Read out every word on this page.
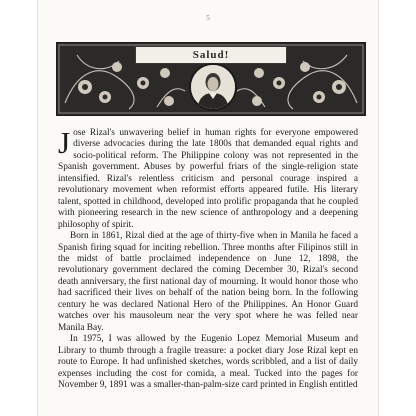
5
Salud!

Jose Rizal's unwavering belief in human rights for everyone empowered diverse advocacies during the late 1800s that demanded equal rights and socio-political reform. The Philippine colony was not represented in the Spanish government. Abuses by powerful friars of the single-religion state intensified. Rizal's relentless criticism and personal courage inspired a revolutionary movement when reformist efforts appeared futile. His literary talent, spotted in childhood, developed into prolific propaganda that he coupled with pioneering research in the new science of anthropology and a deepening philosophy of spirit.

Born in 1861, Rizal died at the age of thirty-five when in Manila he faced a Spanish firing squad for inciting rebellion. Three months after Filipinos still in the midst of battle proclaimed independence on June 12, 1898, the revolutionary government declared the coming December 30, Rizal's second death anniversary, the first national day of mourning. It would honor those who had sacrificed their lives on behalf of the nation being born. In the following century he was declared National Hero of the Philippines. An Honor Guard watches over his mausoleum near the very spot where he was felled near Manila Bay.

In 1975, I was allowed by the Eugenio Lopez Memorial Museum and Library to thumb through a fragile treasure: a pocket diary Jose Rizal kept en route to Europe. It had unfinished sketches, words scribbled, and a list of daily expenses including the cost for comida, a meal. Tucked into the pages for November 9, 1891 was a smaller-than-palm-size card printed in English entitled
